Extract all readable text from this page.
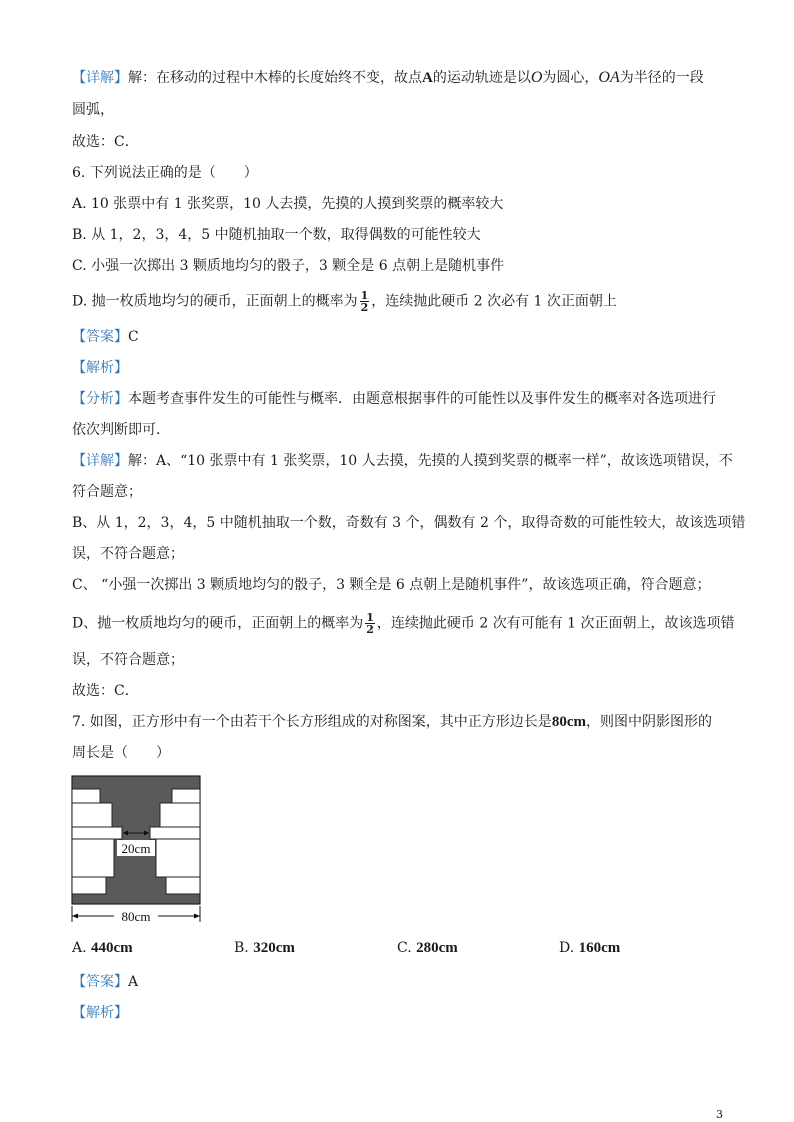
【详解】解：在移动的过程中木棒的长度始终不变，故点A的运动轨迹是以O为圆心，OA为半径的一段
圆弧，
故选：C．
6. 下列说法正确的是（　　）
A. 10 张票中有 1 张奖票，10 人去摸，先摸的人摸到奖票的概率较大
B. 从 1，2，3，4，5 中随机抽取一个数，取得偶数的可能性较大
C. 小强一次掷出 3 颗质地均匀的骰子，3 颗全是 6 点朝上是随机事件
D. 抛一枚质地均匀的硬币，正面朝上的概率为 $\frac{1}{2}$ ，连续抛此硬币 2 次必有 1 次正面朝上
【答案】C
【解析】
【分析】本题考查事件发生的可能性与概率．由题意根据事件的可能性以及事件发生的概率对各选项进行
依次判断即可．
【详解】解：A、“10 张票中有 1 张奖票，10 人去摸，先摸的人摸到奖票的概率一样”，故该选项错误，不
符合题意；
B、从 1，2，3，4，5 中随机抽取一个数，奇数有 3 个，偶数有 2 个，取得奇数的可能性较大，故该选项错
误，不符合题意；
C、 “小强一次掷出 3 颗质地均匀的骰子，3 颗全是 6 点朝上是随机事件”，故该选项正确，符合题意；
D、抛一枚质地均匀的硬币，正面朝上的概率为 $\frac{1}{2}$ ，连续抛此硬币 2 次有可能有 1 次正面朝上，故该选项错
误，不符合题意；
故选：C．
7. 如图，正方形中有一个由若干个长方形组成的对称图案，其中正方形边长是80cm，则图中阴影图形的
周长是（　　）
20cm
80cm
A. 440cm	B. 320cm	C. 280cm	D. 160cm
【答案】A
【解析】
3
